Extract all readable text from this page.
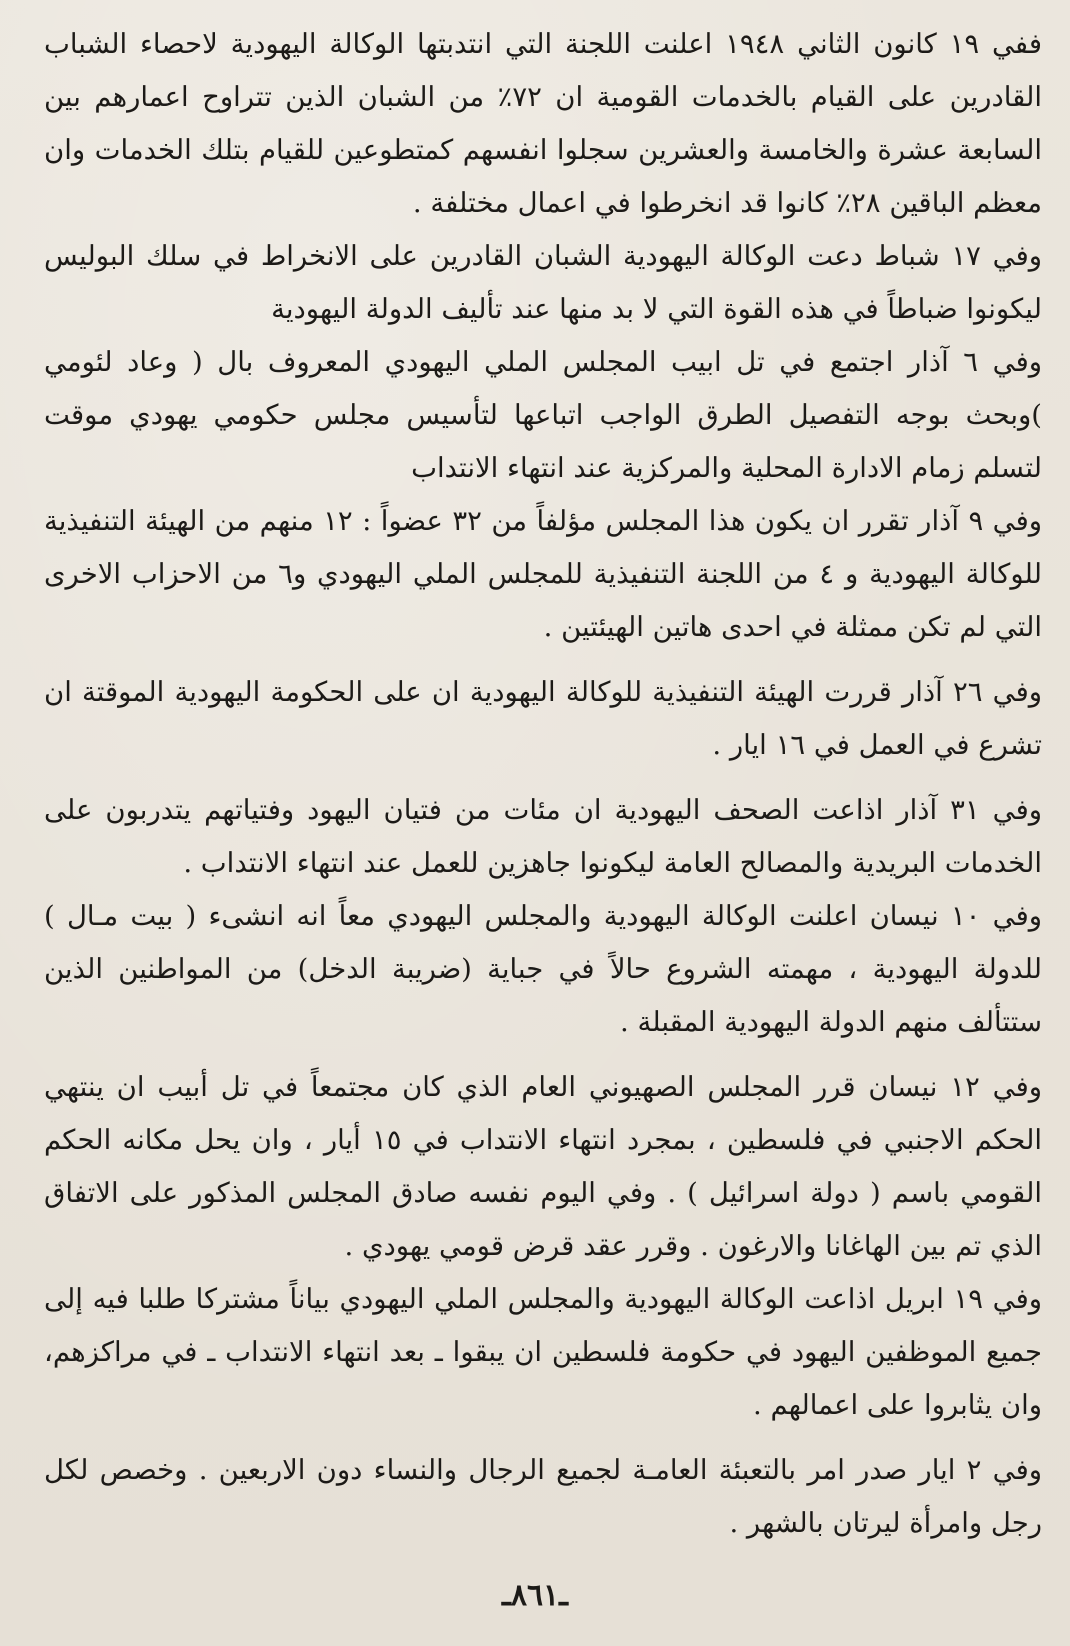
ففي ١٩ كانون الثاني ١٩٤٨ اعلنت اللجنة التي انتدبتها الوكالة اليهودية لاحصاء الشباب القادرين على القيام بالخدمات القومية ان ٧٢٪ من الشبان الذين تتراوح اعمارهم بين السابعة عشرة والخامسة والعشرين سجلوا انفسهم كمتطوعين للقيام بتلك الخدمات وان معظم الباقين ٢٨٪ كانوا قد انخرطوا في اعمال مختلفة .

وفي ١٧ شباط دعت الوكالة اليهودية الشبان القادرين على الانخراط في سلك البوليس ليكونوا ضباطاً في هذه القوة التي لا بد منها عند تأليف الدولة اليهودية

وفي ٦ آذار اجتمع في تل ابيب المجلس الملي اليهودي المعروف بال ( وعاد لئومي )وبحث بوجه التفصيل الطرق الواجب اتباعها لتأسيس مجلس حكومي يهودي موقت لتسلم زمام الادارة المحلية والمركزية عند انتهاء الانتداب

وفي ٩ آذار تقرر ان يكون هذا المجلس مؤلفاً من ٣٢ عضواً : ١٢ منهم من الهيئة التنفيذية للوكالة اليهودية و ٤ من اللجنة التنفيذية للمجلس الملي اليهودي و٦ من الاحزاب الاخرى التي لم تكن ممثلة في احدى هاتين الهيئتين .

وفي ٢٦ آذار قررت الهيئة التنفيذية للوكالة اليهودية ان على الحكومة اليهودية الموقتة ان تشرع في العمل في ١٦ ايار .

وفي ٣١ آذار اذاعت الصحف اليهودية ان مئات من فتيان اليهود وفتياتهم يتدربون على الخدمات البريدية والمصالح العامة ليكونوا جاهزين للعمل عند انتهاء الانتداب .

وفي ١٠ نيسان اعلنت الوكالة اليهودية والمجلس اليهودي معاً انه انشىء ( بيت مـال ) للدولة اليهودية ، مهمته الشروع حالاً في جباية (ضريبة الدخل) من المواطنين الذين ستتألف منهم الدولة اليهودية المقبلة .

وفي ١٢ نيسان قرر المجلس الصهيوني العام الذي كان مجتمعاً في تل أبيب ان ينتهي الحكم الاجنبي في فلسطين ، بمجرد انتهاء الانتداب في ١٥ أيار ، وان يحل مكانه الحكم القومي باسم ( دولة اسرائيل ) . وفي اليوم نفسه صادق المجلس المذكور على الاتفاق الذي تم بين الهاغانا والارغون . وقرر عقد قرض قومي يهودي .

وفي ١٩ ابريل اذاعت الوكالة اليهودية والمجلس الملي اليهودي بياناً مشتركا طلبا فيه إلى جميع الموظفين اليهود في حكومة فلسطين ان يبقوا ـ بعد انتهاء الانتداب ـ في مراكزهم، وان يثابروا على اعمالهم .

وفي ٢ ايار صدر امر بالتعبئة العامـة لجميع الرجال والنساء دون الاربعين . وخصص لكل رجل وامرأة ليرتان بالشهر .

ـ٨٦١ـ
